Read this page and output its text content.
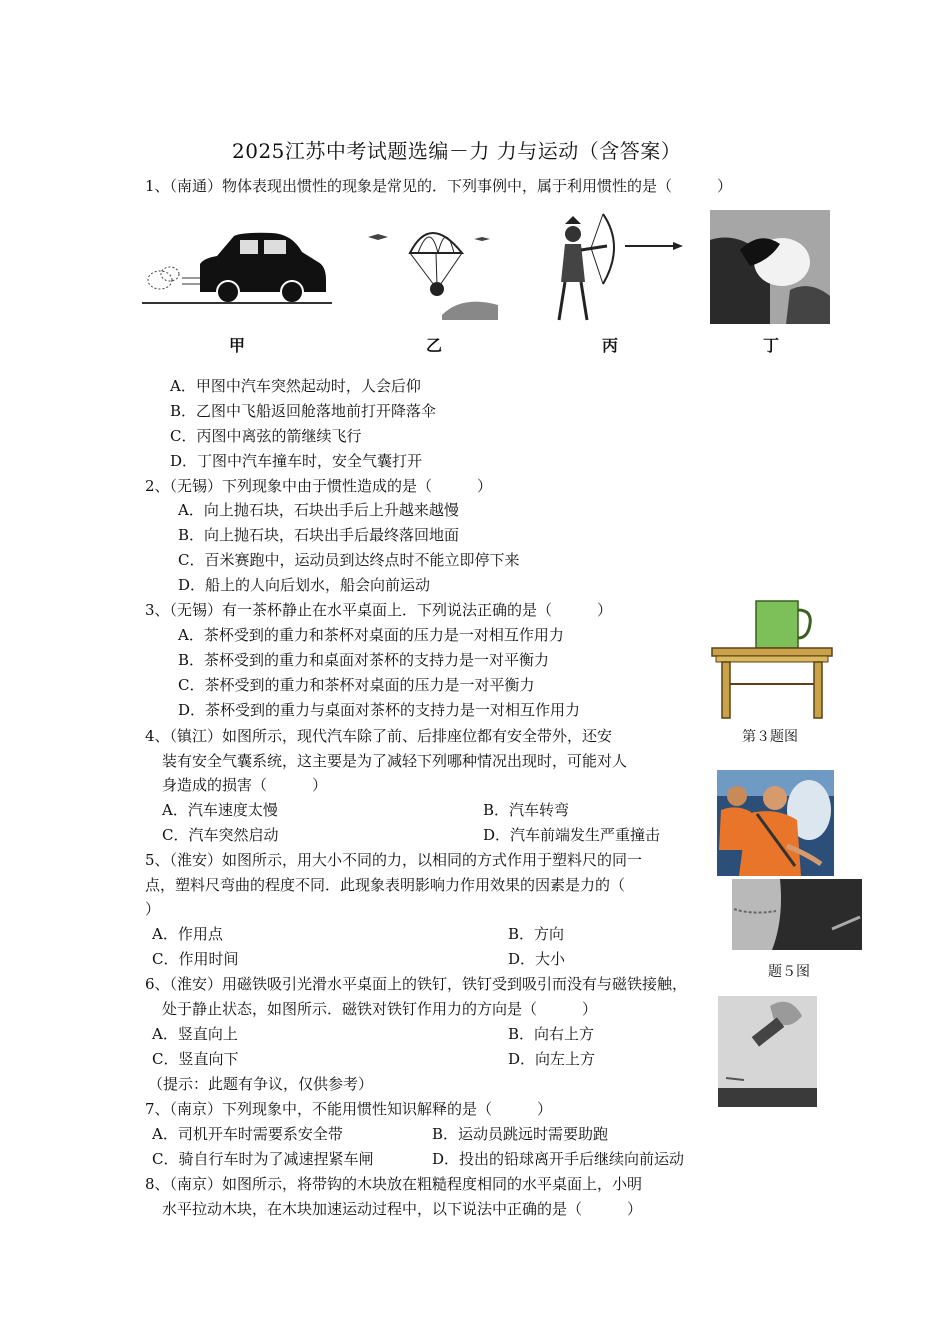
2025江苏中考试题选编－力 力与运动（含答案）
1、（南通）物体表现出惯性的现象是常见的．下列事例中，属于利用惯性的是（　　　）
甲	乙	丙	丁
A．甲图中汽车突然起动时，人会后仰
B．乙图中飞船返回舱落地前打开降落伞
C．丙图中离弦的箭继续飞行
D．丁图中汽车撞车时，安全气囊打开
2、（无锡）下列现象中由于惯性造成的是（　　　）
A．向上抛石块，石块出手后上升越来越慢
B．向上抛石块，石块出手后最终落回地面
C．百米赛跑中，运动员到达终点时不能立即停下来
D．船上的人向后划水，船会向前运动
3、（无锡）有一茶杯静止在水平桌面上．下列说法正确的是（　　　）
A．茶杯受到的重力和茶杯对桌面的压力是一对相互作用力
B．茶杯受到的重力和桌面对茶杯的支持力是一对平衡力
C．茶杯受到的重力和茶杯对桌面的压力是一对平衡力
D．茶杯受到的重力与桌面对茶杯的支持力是一对相互作用力
第３题图
4、（镇江）如图所示，现代汽车除了前、后排座位都有安全带外，还安
装有安全气囊系统，这主要是为了减轻下列哪种情况出现时，可能对人
身造成的损害（　　　）
A．汽车速度太慢	B．汽车转弯
C．汽车突然启动	D．汽车前端发生严重撞击
5、（淮安）如图所示，用大小不同的力，以相同的方式作用于塑料尺的同一
点，塑料尺弯曲的程度不同．此现象表明影响力作用效果的因素是力的（
）
A．作用点	B．方向
C．作用时间	D．大小
题５图
6、（淮安）用磁铁吸引光滑水平桌面上的铁钉，铁钉受到吸引而没有与磁铁接触，
处于静止状态，如图所示．磁铁对铁钉作用力的方向是（　　　）
A．竖直向上	B．向右上方
C．竖直向下	D．向左上方
（提示：此题有争议，仅供参考）
7、（南京）下列现象中，不能用惯性知识解释的是（　　　）
A．司机开车时需要系安全带	B．运动员跳远时需要助跑
C．骑自行车时为了减速捏紧车闸	D．投出的铅球离开手后继续向前运动
8、（南京）如图所示，将带钩的木块放在粗糙程度相同的水平桌面上，小明
水平拉动木块，在木块加速运动过程中，以下说法中正确的是（　　　）
